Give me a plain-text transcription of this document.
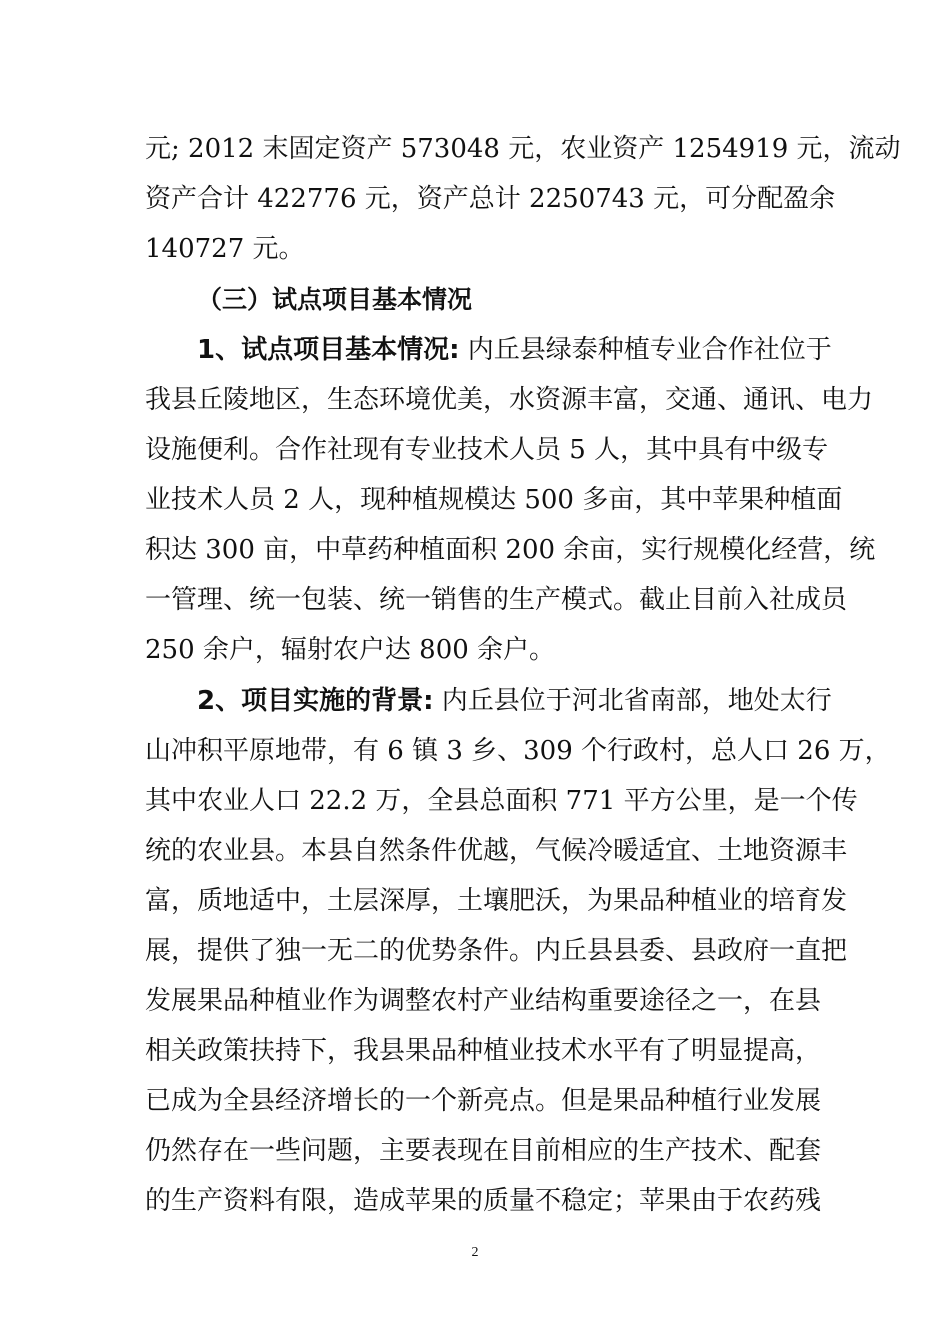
元; 2012 末固定资产 573048 元，农业资产 1254919 元，流动
资产合计 422776 元，资产总计 2250743 元，可分配盈余
140727 元。
（三）试点项目基本情况
1、试点项目基本情况: 内丘县绿泰种植专业合作社位于
我县丘陵地区，生态环境优美，水资源丰富，交通、通讯、电力
设施便利。合作社现有专业技术人员 5 人，其中具有中级专
业技术人员 2 人，现种植规模达 500 多亩，其中苹果种植面
积达 300 亩，中草药种植面积 200 余亩，实行规模化经营，统
一管理、统一包装、统一销售的生产模式。截止目前入社成员
250 余户，辐射农户达 800 余户。
2、项目实施的背景: 内丘县位于河北省南部，地处太行
山冲积平原地带，有 6 镇 3 乡、309 个行政村，总人口 26 万，
其中农业人口 22.2 万，全县总面积 771 平方公里，是一个传
统的农业县。本县自然条件优越，气候冷暖适宜、土地资源丰
富，质地适中，土层深厚，土壤肥沃，为果品种植业的培育发
展，提供了独一无二的优势条件。内丘县县委、县政府一直把
发展果品种植业作为调整农村产业结构重要途径之一，在县
相关政策扶持下，我县果品种植业技术水平有了明显提高，
已成为全县经济增长的一个新亮点。但是果品种植行业发展
仍然存在一些问题，主要表现在目前相应的生产技术、配套
的生产资料有限，造成苹果的质量不稳定；苹果由于农药残
2
